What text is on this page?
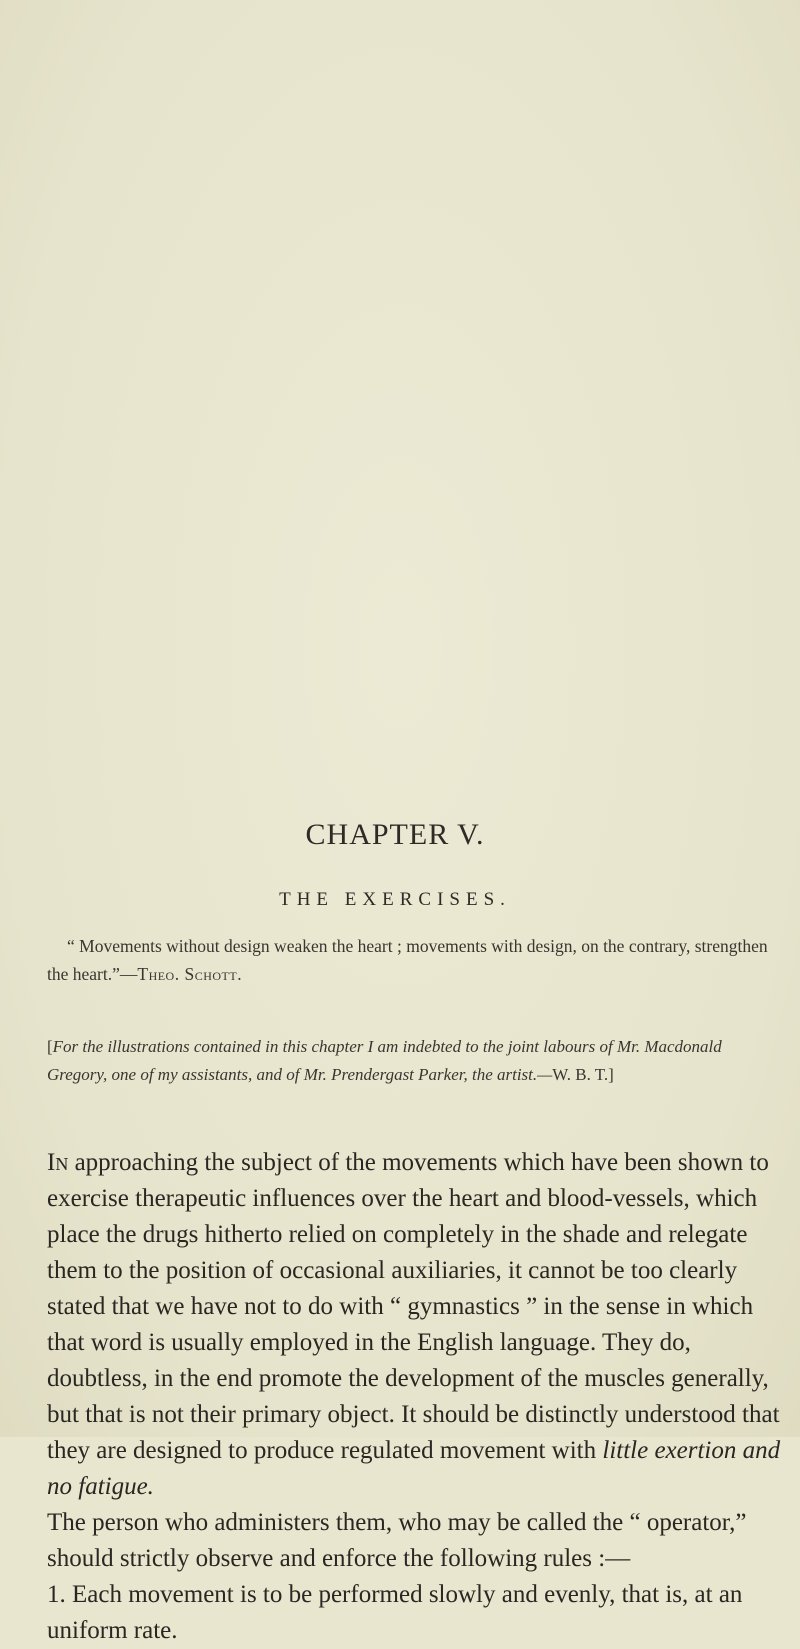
CHAPTER V.
THE EXERCISES.
“ Movements without design weaken the heart ; movements with design, on the contrary, strengthen the heart.”—Theo. Schott.
[For the illustrations contained in this chapter I am indebted to the joint labours of Mr. Macdonald Gregory, one of my assistants, and of Mr. Prendergast Parker, the artist.—W. B. T.]

In approaching the subject of the movements which have been shown to exercise therapeutic influences over the heart and blood-vessels, which place the drugs hitherto relied on completely in the shade and relegate them to the position of occasional auxiliaries, it cannot be too clearly stated that we have not to do with “ gymnastics ” in the sense in which that word is usually employed in the English language. They do, doubtless, in the end promote the development of the muscles generally, but that is not their primary object. It should be distinctly understood that they are designed to produce regulated movement with little exertion and no fatigue.

The person who administers them, who may be called the “ operator,” should strictly observe and enforce the following rules :—

1. Each movement is to be performed slowly and evenly, that is, at an uniform rate.
